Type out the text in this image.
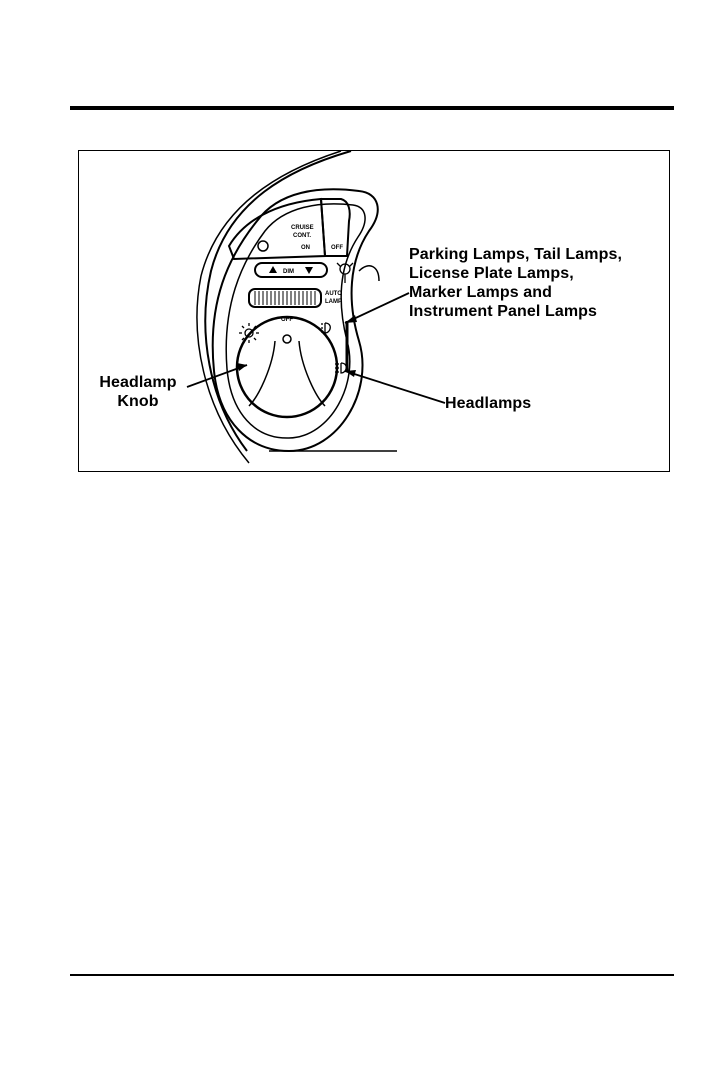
CRUISE
CONT.
ON	OFF
DIM
AUTO
LAMP
OFF
Parking Lamps, Tail Lamps,
License Plate Lamps,
Marker Lamps and
Instrument Panel Lamps
Headlamp
Knob	Headlamps
